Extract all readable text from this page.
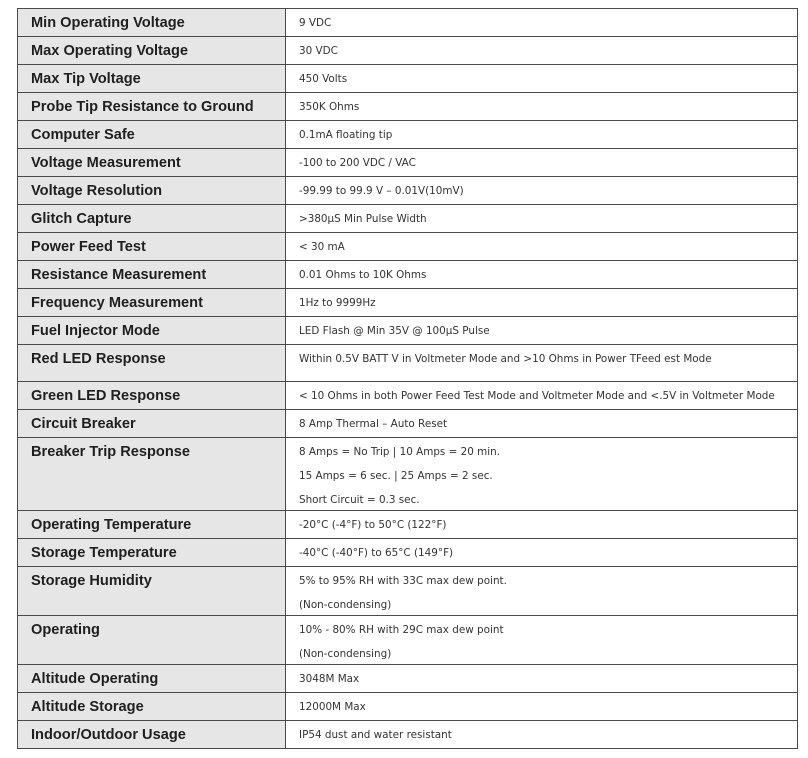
Min Operating Voltage	9 VDC

Max Operating Voltage	30 VDC

Max Tip Voltage	450 Volts

Probe Tip Resistance to Ground	350K Ohms

Computer Safe	0.1mA floating tip

Voltage Measurement	-100 to 200 VDC / VAC

Voltage Resolution	-99.99 to 99.9 V – 0.01V(10mV)

Glitch Capture	>380µS Min Pulse Width

Power Feed Test	< 30 mA

Resistance Measurement	0.01 Ohms to 10K Ohms

Frequency Measurement	1Hz to 9999Hz

Fuel Injector Mode	LED Flash @ Min 35V @ 100µS Pulse

Red LED Response	Within 0.5V BATT V in Voltmeter Mode and >10 Ohms in Power TFeed est Mode

Green LED Response	< 10 Ohms in both Power Feed Test Mode and Voltmeter Mode and <.5V in Voltmeter Mode

Circuit Breaker	8 Amp Thermal – Auto Reset

Breaker Trip Response	8 Amps = No Trip | 10 Amps = 20 min.
15 Amps = 6 sec. | 25 Amps = 2 sec.
Short Circuit = 0.3 sec.

Operating Temperature	-20°C (-4°F) to 50°C (122°F)

Storage Temperature	-40°C (-40°F) to 65°C (149°F)

Storage Humidity	5% to 95% RH with 33C max dew point.
(Non-condensing)

Operating	10% - 80% RH with 29C max dew point
(Non-condensing)

Altitude Operating	3048M Max

Altitude Storage	12000M Max

Indoor/Outdoor Usage	IP54 dust and water resistant
